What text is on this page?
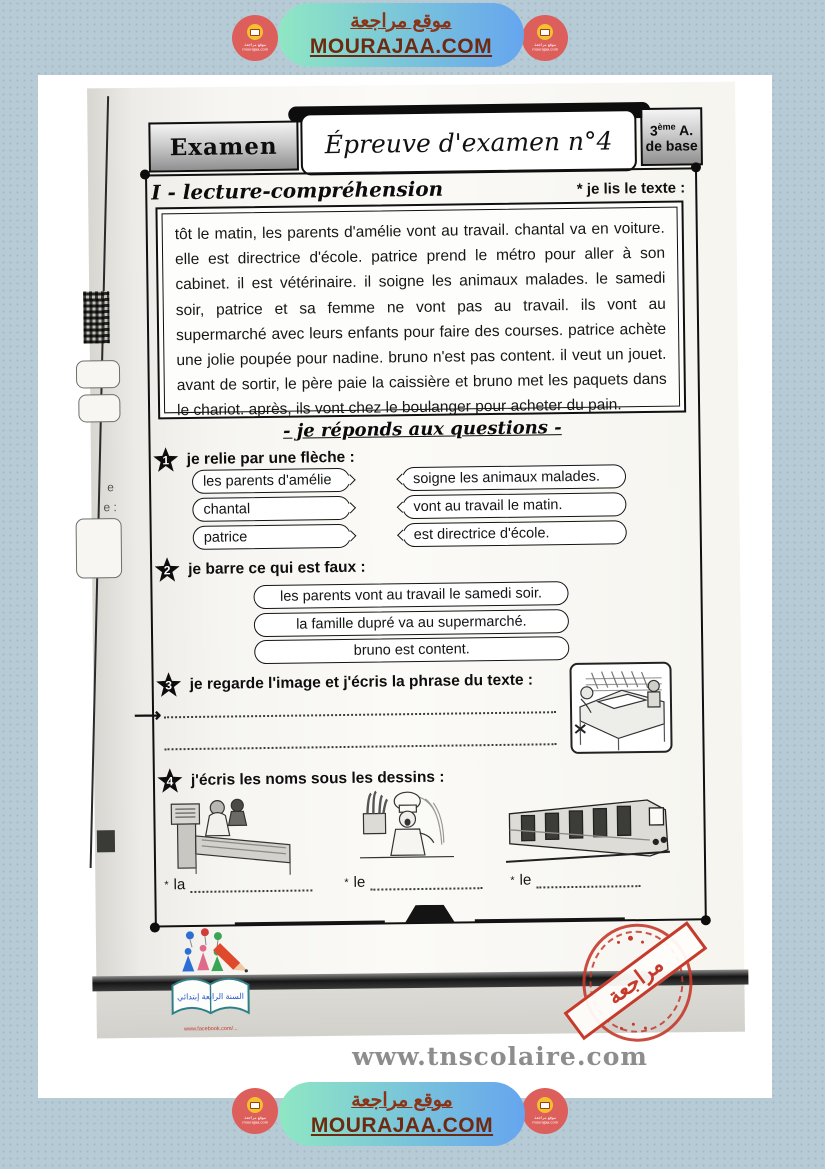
موقع مراجعة
mourajaa.com
موقع مراجعة
mourajaa.com
موقع مراجعة
MOURAJAA.COM
e
e :
Examen Épreuve d'examen n°4	3ème A.
de base
I - lecture-compréhension	* je lis le texte :

tôt le matin, les parents d'amélie vont au travail. chantal va en voiture. elle est directrice d'école. patrice prend le métro pour aller à son cabinet. il est vétérinaire. il soigne les animaux malades. le samedi soir, patrice et sa femme ne vont pas au travail. ils vont au supermarché avec leurs enfants pour faire des courses. patrice achète une jolie poupée pour nadine. bruno n'est pas content. il veut un jouet. avant de sortir, le père paie la caissière et bruno met les paquets dans le chariot. après, ils vont chez le boulanger pour acheter du pain.

- je réponds aux questions -
1	je relie par une flèche :
les parents d'amélie
chantal
patrice
soigne les animaux malades.
vont au travail le matin.
est directrice d'école.
2	je barre ce qui est faux :
les parents vont au travail le samedi soir.
la famille dupré va au supermarché.
bruno est content.
3	je regarde l'image et j'écris la phrase du texte :
⟶
4	j'écris les noms sous les dessins :
* la	* le	* le
السنة الرابعة إبتدائي
www.facebook.com/...
مراجعة
www.tnscolaire.com
موقع مراجعة
mourajaa.com
موقع مراجعة
mourajaa.com
موقع مراجعة
MOURAJAA.COM
